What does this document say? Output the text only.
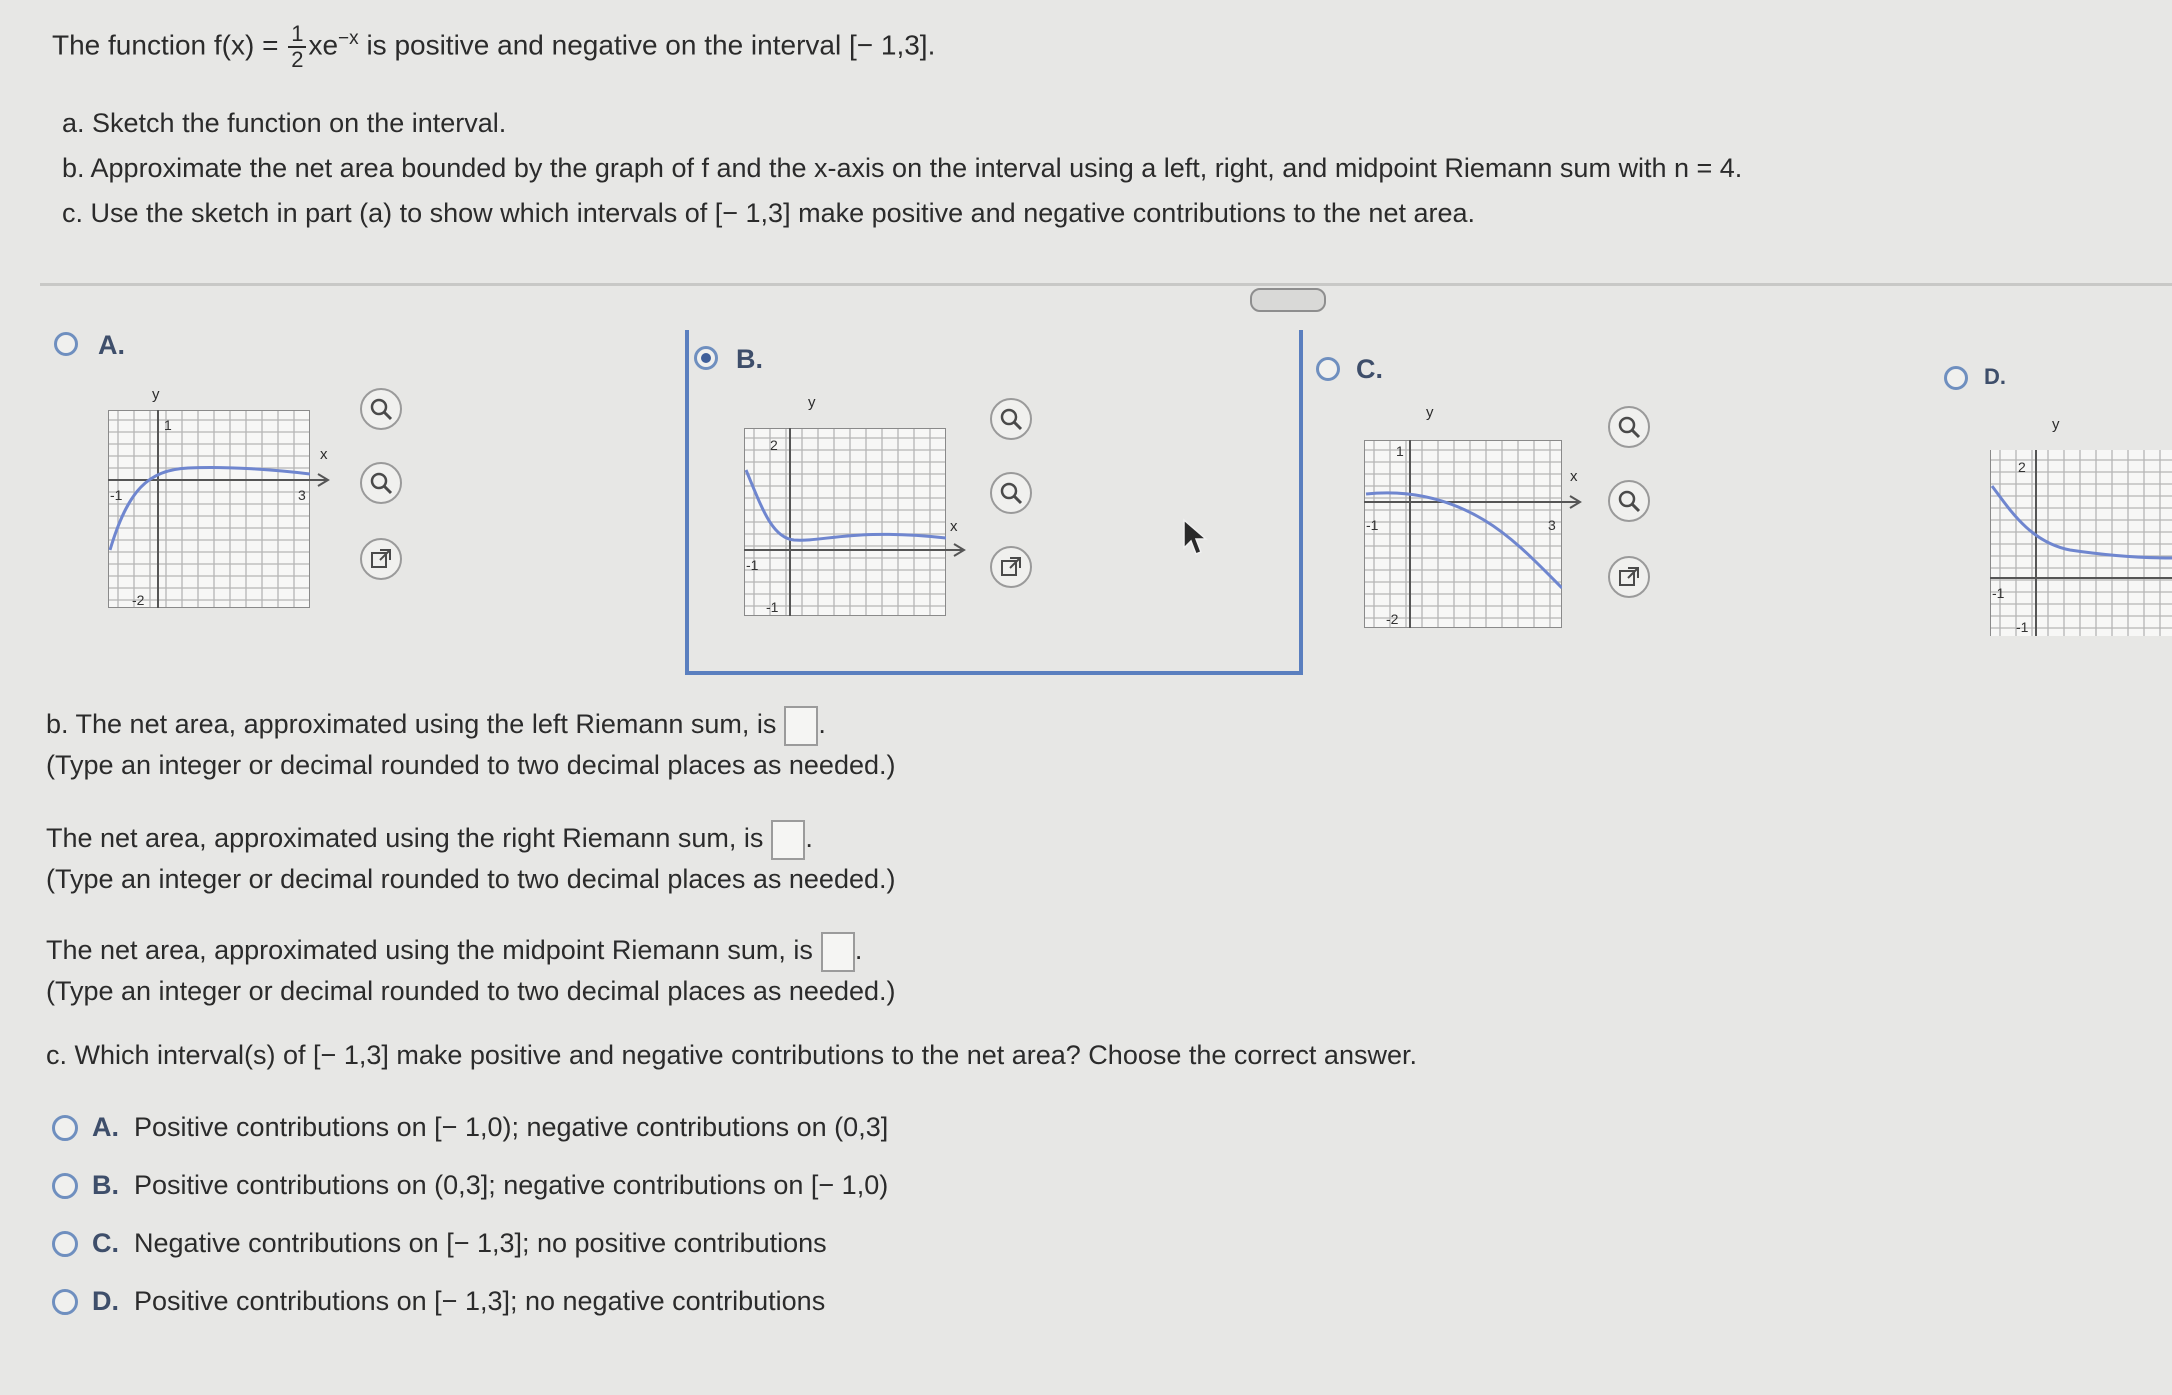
The function $f(x) = \frac{1}{2} xe^{-x}$ is positive and negative on the interval [− 1,3].
a. Sketch the function on the interval.
b. Approximate the net area bounded by the graph of f and the x-axis on the interval using a left, right, and midpoint Riemann sum with n = 4.
c. Use the sketch in part (a) to show which intervals of [− 1,3] make positive and negative contributions to the net area.
A.
1
-1	3
-2
x
y
B.
2
-1
-1
x
y
C.
1
-1	3
-2
x
y
D.
2
-1
-1
y
b. The net area, approximated using the left Riemann sum, is .
(Type an integer or decimal rounded to two decimal places as needed.)
The net area, approximated using the right Riemann sum, is .
(Type an integer or decimal rounded to two decimal places as needed.)
The net area, approximated using the midpoint Riemann sum, is .
(Type an integer or decimal rounded to two decimal places as needed.)
c. Which interval(s) of [− 1,3] make positive and negative contributions to the net area? Choose the correct answer.
A. Positive contributions on [− 1,0); negative contributions on (0,3]
B. Positive contributions on (0,3]; negative contributions on [− 1,0)
C. Negative contributions on [− 1,3]; no positive contributions
D. Positive contributions on [− 1,3]; no negative contributions
